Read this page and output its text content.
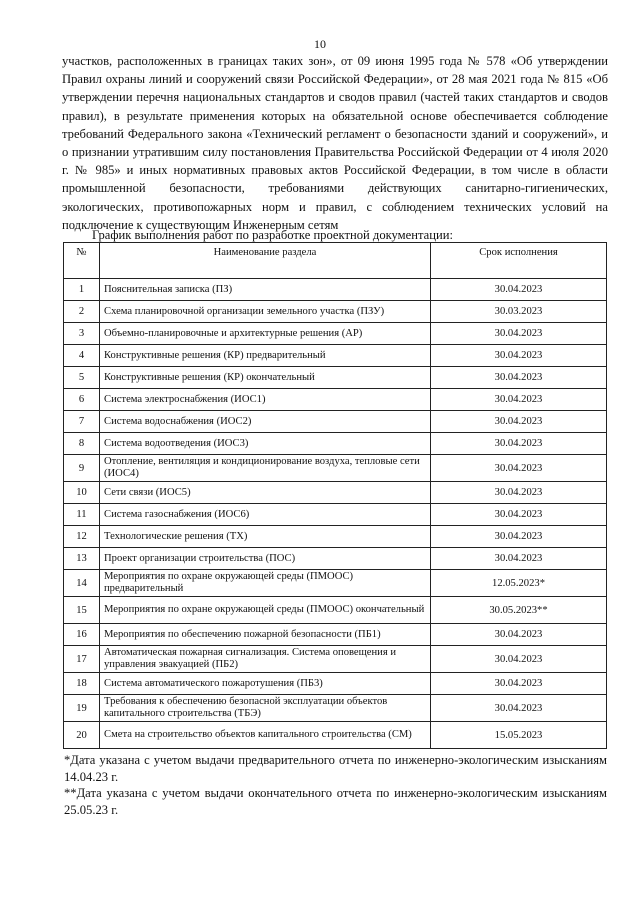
10
участков, расположенных в границах таких зон», от 09 июня 1995 года № 578 «Об утверждении Правил охраны линий и сооружений связи Российской Федерации», от 28 мая 2021 года № 815 «Об утверждении перечня национальных стандартов и сводов правил (частей таких стандартов и сводов правил), в результате применения которых на обязательной основе обеспечивается соблюдение требований Федерального закона «Технический регламент о безопасности зданий и сооружений», и о признании утратившим силу постановления Правительства Российской Федерации от 4 июля 2020 г. № 985» и иных нормативных правовых актов Российской Федерации, в том числе в области промышленной безопасности, требованиями действующих санитарно-гигиенических, экологических, противопожарных норм и правил, с соблюдением технических условий на подключение к существующим Инженерным сетям
График выполнения работ по разработке проектной документации:
№	Наименование раздела	Срок исполнения
1	Пояснительная записка (ПЗ)	30.04.2023
2	Схема планировочной организации земельного участка (ПЗУ)	30.03.2023
3	Объемно-планировочные и архитектурные решения (АР)	30.04.2023
4	Конструктивные решения (КР) предварительный	30.04.2023
5	Конструктивные решения (КР) окончательный	30.04.2023
6	Система электроснабжения (ИОС1)	30.04.2023
7	Система водоснабжения (ИОС2)	30.04.2023
8	Система водоотведения (ИОС3)	30.04.2023
9	Отопление, вентиляция и кондиционирование воздуха, тепловые сети (ИОС4)	30.04.2023
10	Сети связи (ИОС5)	30.04.2023
11	Система газоснабжения (ИОС6)	30.04.2023
12	Технологические решения (ТХ)	30.04.2023
13	Проект организации строительства (ПОС)	30.04.2023
14	Мероприятия по охране окружающей среды (ПМООС) предварительный	12.05.2023*
15	Мероприятия по охране окружающей среды (ПМООС) окончательный	30.05.2023**
16	Мероприятия по обеспечению пожарной безопасности (ПБ1)	30.04.2023
17	Автоматическая пожарная сигнализация. Система оповещения и управления эвакуацией (ПБ2)	30.04.2023
18	Система автоматического пожаротушения (ПБ3)	30.04.2023
19	Требования к обеспечению безопасной эксплуатации объектов капитального строительства (ТБЭ)	30.04.2023
20	Смета на строительство объектов капитального строительства (СМ)	15.05.2023

*Дата указана с учетом выдачи предварительного отчета по инженерно-экологическим изысканиям 14.04.23 г.

**Дата указана с учетом выдачи окончательного отчета по инженерно-экологическим изысканиям 25.05.23 г.
